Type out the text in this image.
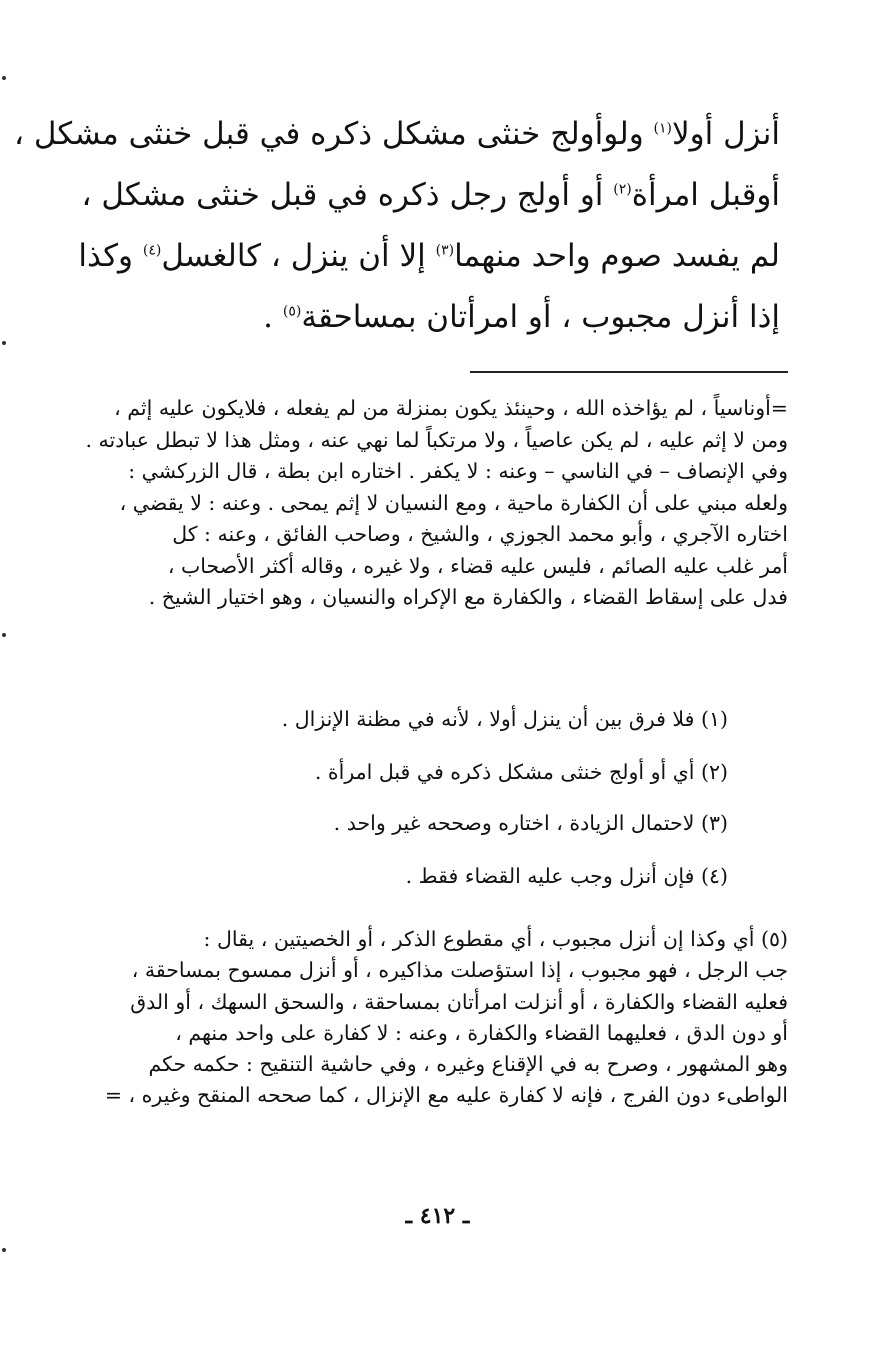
أنزل أولا$^{(١)}$ ولوأولج خنثى مشكل ذكره في قبل خنثى مشكل ،
أوقبل امرأة$^{(٢)}$ أو أولج رجل ذكره في قبل خنثى مشكل ،
لم يفسد صوم واحد منهما$^{(٣)}$ إلا أن ينزل ، كالغسل$^{(٤)}$ وكذا
إذا أنزل مجبوب ، أو امرأتان بمساحقة$^{(٥)}$ .
=أوناسياً ، لم يؤاخذه الله ، وحينئذ يكون بمنزلة من لم يفعله ، فلايكون عليه إثم ،
ومن لا إثم عليه ، لم يكن عاصياً ، ولا مرتكباً لما نهي عنه ، ومثل هذا لا تبطل عبادته .
وفي الإنصاف – في الناسي – وعنه : لا يكفر . اختاره ابن بطة ، قال الزركشي :
ولعله مبني على أن الكفارة ماحية ، ومع النسيان لا إثم يمحى . وعنه : لا يقضي ،
اختاره الآجري ، وأبو محمد الجوزي ، والشيخ ، وصاحب الفائق ، وعنه : كل
أمر غلب عليه الصائم ، فليس عليه قضاء ، ولا غيره ، وقاله أكثر الأصحاب ،
فدل على إسقاط القضاء ، والكفارة مع الإكراه والنسيان ، وهو اختيار الشيخ .
(١) فلا فرق بين أن ينزل أولا ، لأنه في مظنة الإنزال .
(٢) أي أو أولج خنثى مشكل ذكره في قبل امرأة .
(٣) لاحتمال الزيادة ، اختاره وصححه غير واحد .
(٤) فإن أنزل وجب عليه القضاء فقط .
(٥) أي وكذا إن أنزل مجبوب ، أي مقطوع الذكر ، أو الخصيتين ، يقال :
جب الرجل ، فهو مجبوب ، إذا استؤصلت مذاكيره ، أو أنزل ممسوح بمساحقة ،
فعليه القضاء والكفارة ، أو أنزلت امرأتان بمساحقة ، والسحق السهك ، أو الدق
أو دون الدق ، فعليهما القضاء والكفارة ، وعنه : لا كفارة على واحد منهم ،
وهو المشهور ، وصرح به في الإقناع وغيره ، وفي حاشية التنقيح : حكمه حكم
الواطىء دون الفرج ، فإنه لا كفارة عليه مع الإنزال ، كما صححه المنقح وغيره ، =
ـ ٤١٢ ـ
